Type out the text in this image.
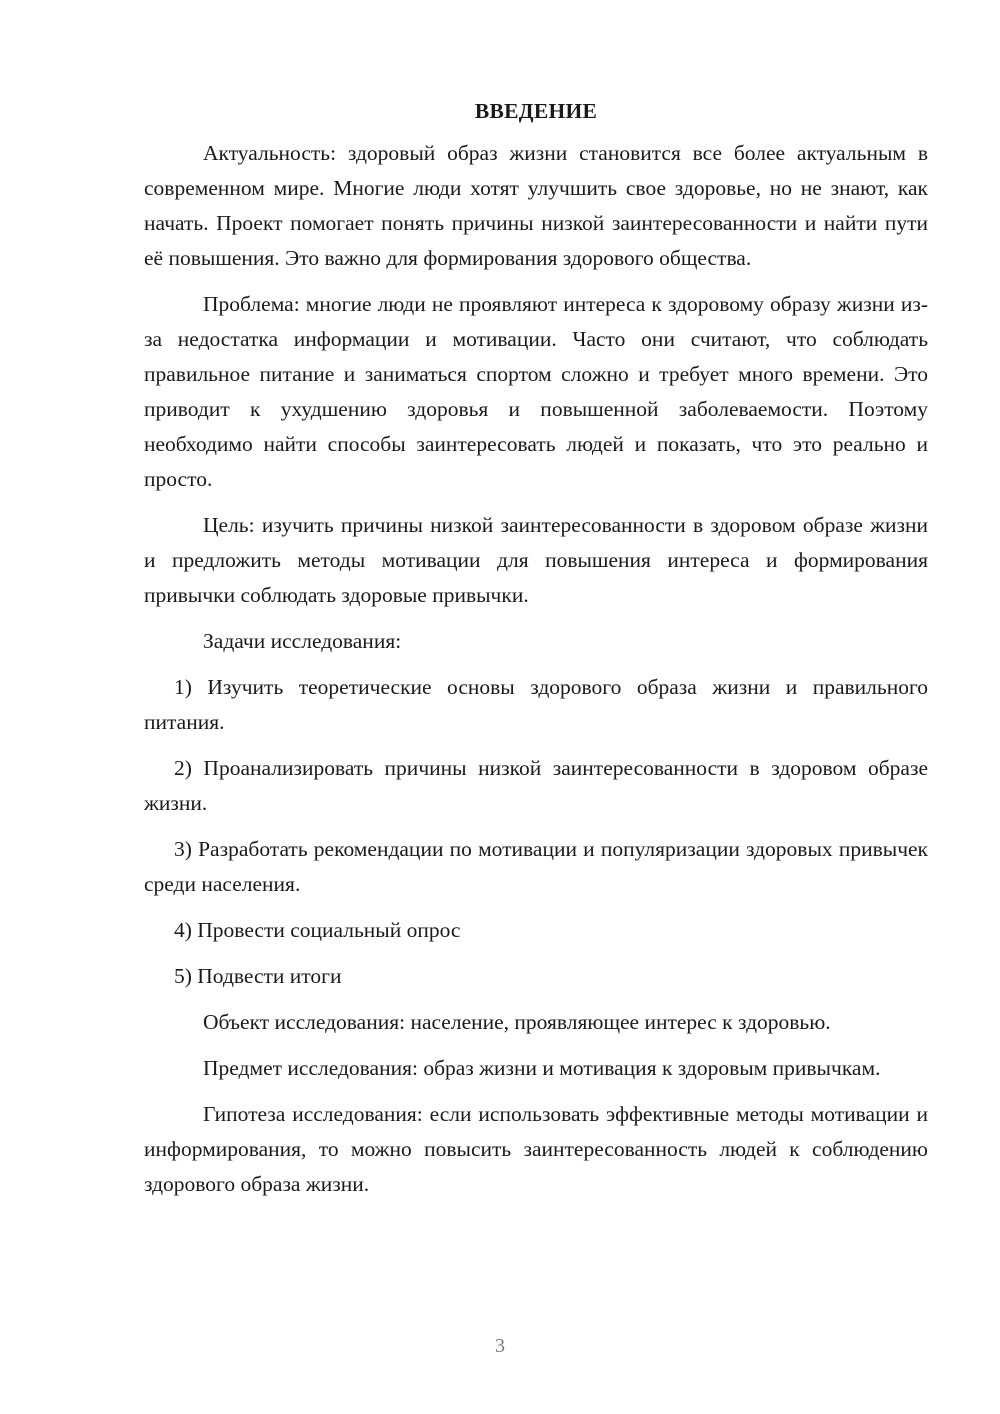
ВВЕДЕНИЕ

Актуальность: здоровый образ жизни становится все более актуальным в современном мире. Многие люди хотят улучшить свое здоровье, но не знают, как начать. Проект помогает понять причины низкой заинтересованности и найти пути её повышения. Это важно для формирования здорового общества.

Проблема: многие люди не проявляют интереса к здоровому образу жизни из-за недостатка информации и мотивации. Часто они считают, что соблюдать правильное питание и заниматься спортом сложно и требует много времени. Это приводит к ухудшению здоровья и повышенной заболеваемости. Поэтому необходимо найти способы заинтересовать людей и показать, что это реально и просто.

Цель: изучить причины низкой заинтересованности в здоровом образе жизни и предложить методы мотивации для повышения интереса и формирования привычки соблюдать здоровые привычки.

Задачи исследования:

1) Изучить теоретические основы здорового образа жизни и правильного питания.

2) Проанализировать причины низкой заинтересованности в здоровом образе жизни.

3) Разработать рекомендации по мотивации и популяризации здоровых привычек среди населения.

4) Провести социальный опрос

5) Подвести итоги

Объект исследования: население, проявляющее интерес к здоровью.

Предмет исследования: образ жизни и мотивация к здоровым привычкам.

Гипотеза исследования: если использовать эффективные методы мотивации и информирования, то можно повысить заинтересованность людей к соблюдению здорового образа жизни.

3
